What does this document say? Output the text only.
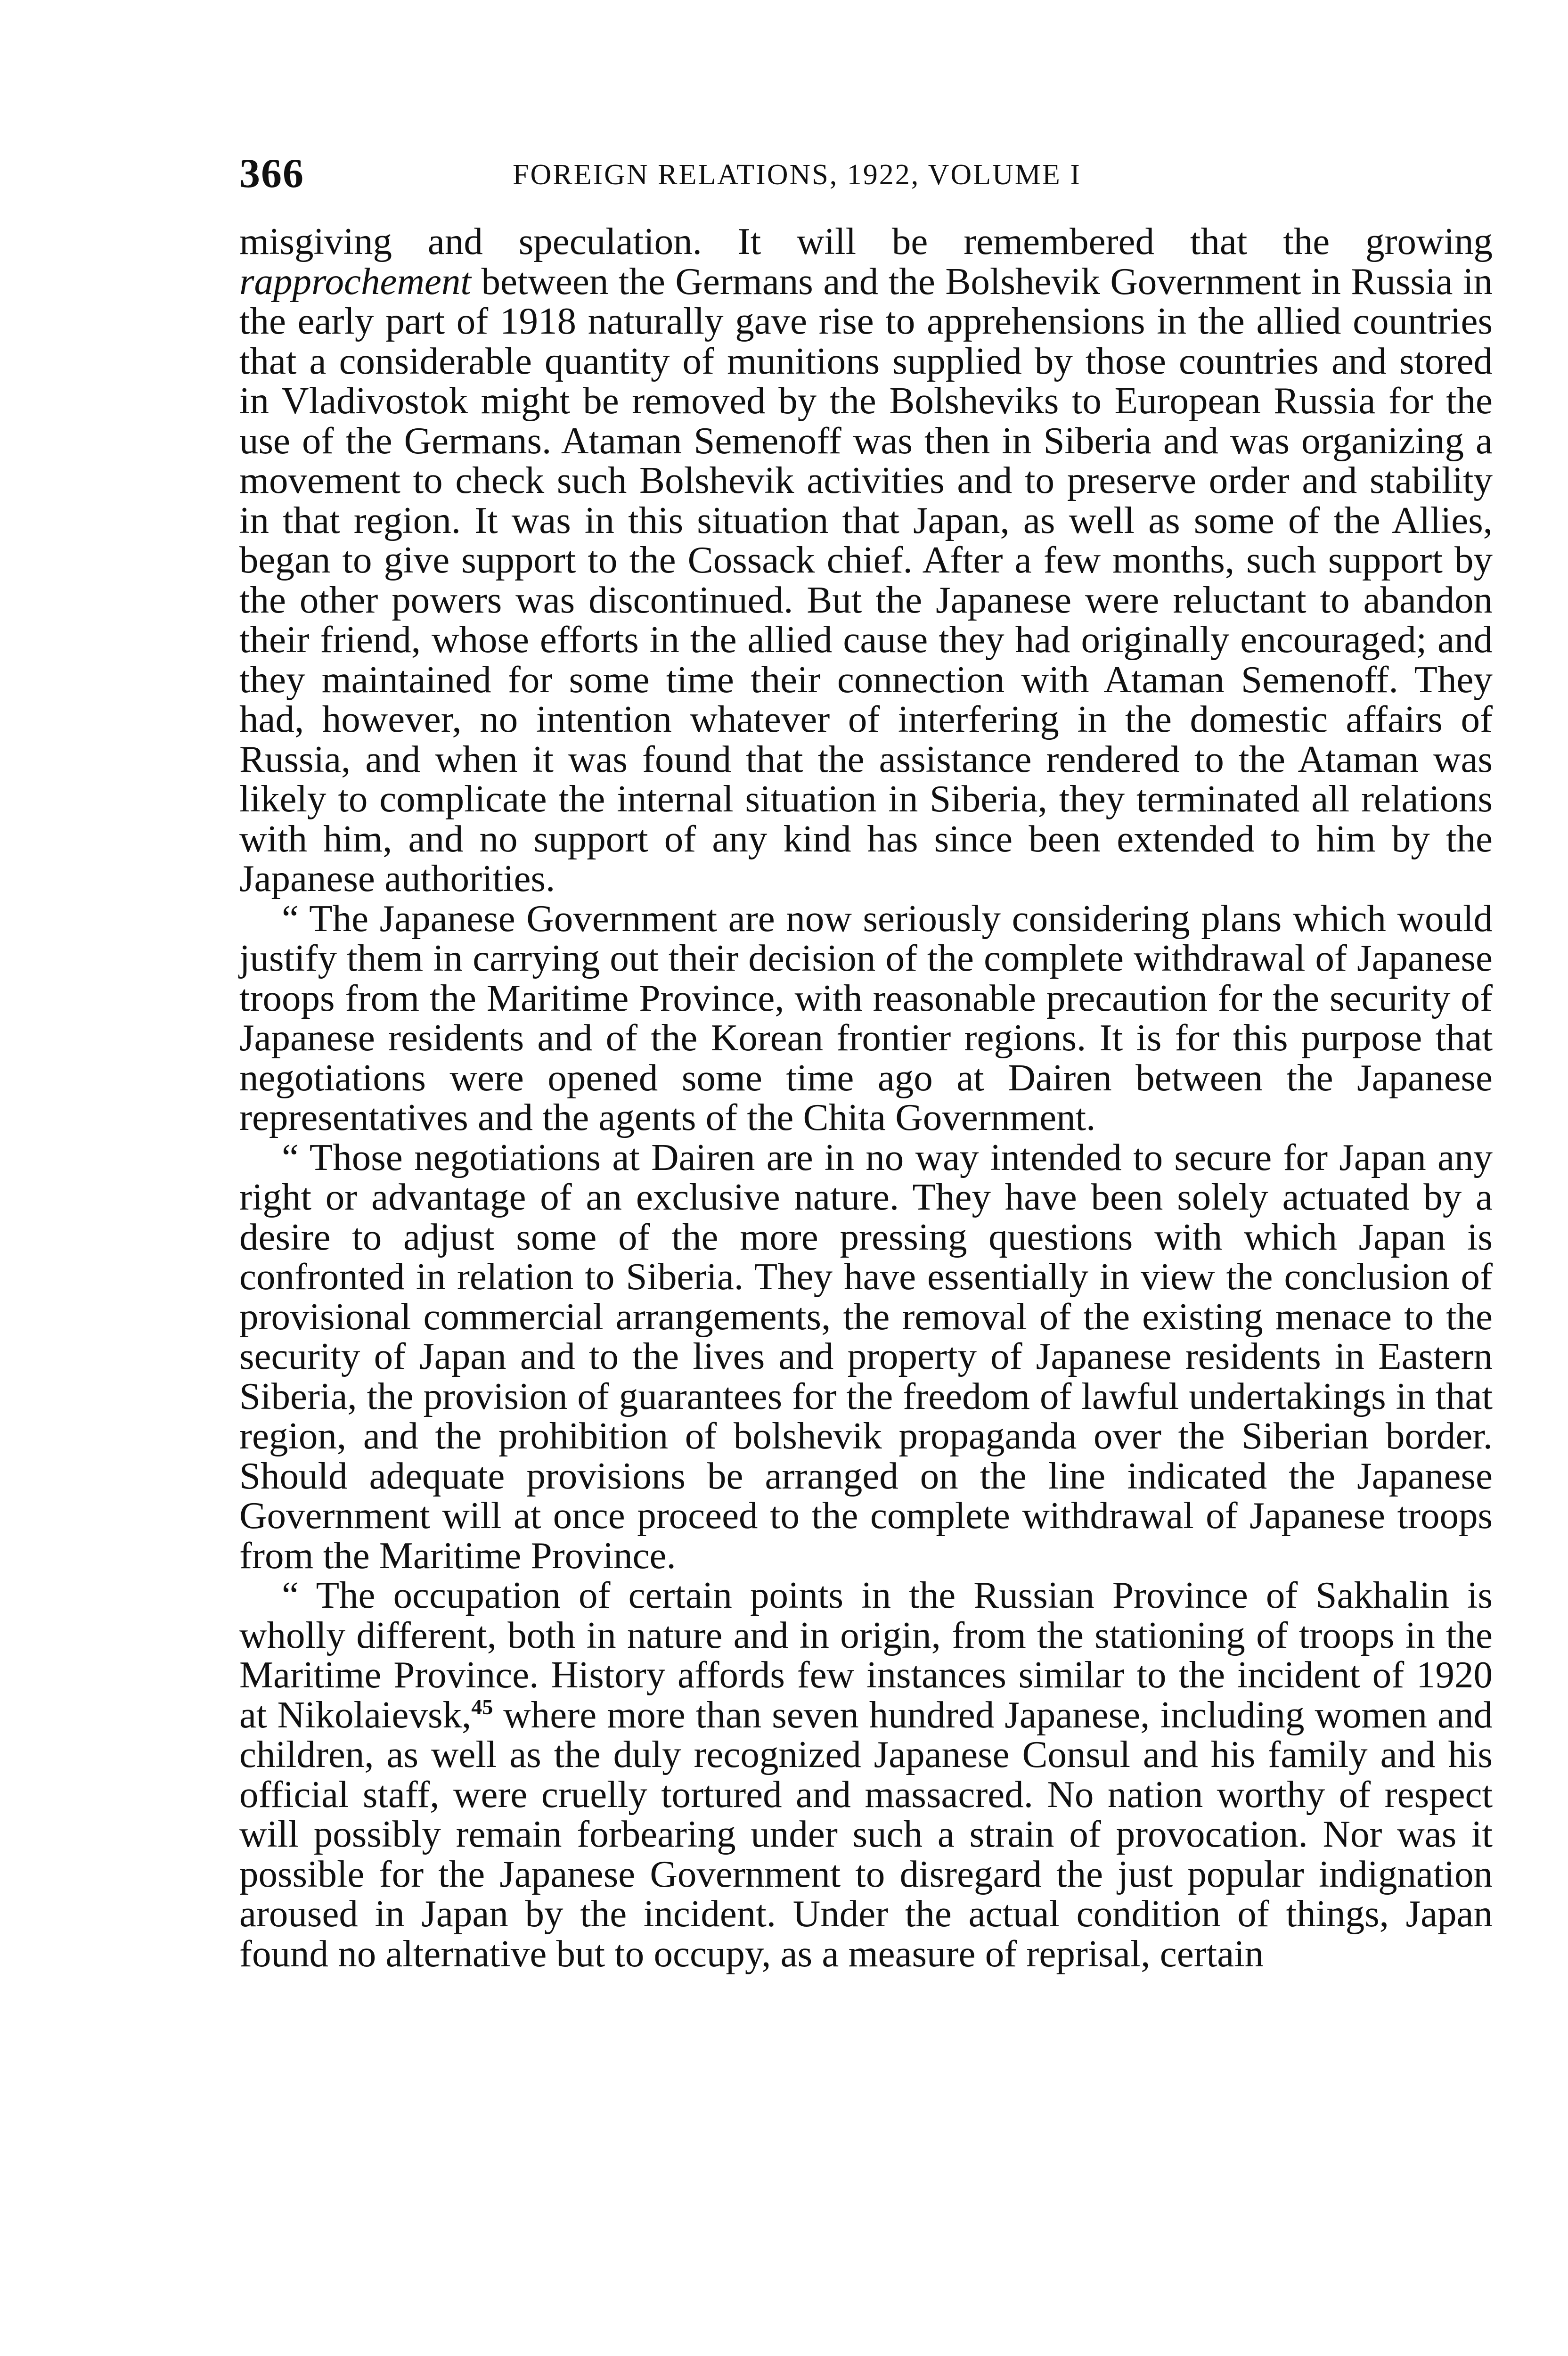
366	FOREIGN RELATIONS, 1922, VOLUME I

misgiving and speculation. It will be remembered that the growing rapprochement between the Germans and the Bolshevik Government in Russia in the early part of 1918 naturally gave rise to apprehensions in the allied countries that a considerable quantity of munitions supplied by those countries and stored in Vladivostok might be removed by the Bolsheviks to European Russia for the use of the Germans. Ataman Semenoff was then in Siberia and was organizing a movement to check such Bolshevik activities and to preserve order and stability in that region. It was in this situation that Japan, as well as some of the Allies, began to give support to the Cossack chief. After a few months, such support by the other powers was discontinued. But the Japanese were reluctant to abandon their friend, whose efforts in the allied cause they had originally encouraged; and they maintained for some time their connection with Ataman Semenoff. They had, however, no intention whatever of interfering in the domestic affairs of Russia, and when it was found that the assistance rendered to the Ataman was likely to complicate the internal situation in Siberia, they terminated all relations with him, and no support of any kind has since been extended to him by the Japanese authorities.

“ The Japanese Government are now seriously considering plans which would justify them in carrying out their decision of the complete withdrawal of Japanese troops from the Maritime Province, with reasonable precaution for the security of Japanese residents and of the Korean frontier regions. It is for this purpose that negotiations were opened some time ago at Dairen between the Japanese representatives and the agents of the Chita Government.

“ Those negotiations at Dairen are in no way intended to secure for Japan any right or advantage of an exclusive nature. They have been solely actuated by a desire to adjust some of the more pressing questions with which Japan is confronted in relation to Siberia. They have essentially in view the conclusion of provisional commercial arrangements, the removal of the existing menace to the security of Japan and to the lives and property of Japanese residents in Eastern Siberia, the provision of guarantees for the freedom of lawful undertakings in that region, and the prohibition of bolshevik propaganda over the Siberian border. Should adequate provisions be arranged on the line indicated the Japanese Government will at once proceed to the complete withdrawal of Japanese troops from the Maritime Province.

“ The occupation of certain points in the Russian Province of Sakhalin is wholly different, both in nature and in origin, from the stationing of troops in the Maritime Province. History affords few instances similar to the incident of 1920 at Nikolaievsk,$^{45}$ where more than seven hundred Japanese, including women and children, as well as the duly recognized Japanese Consul and his family and his official staff, were cruelly tortured and massacred. No nation worthy of respect will possibly remain forbearing under such a strain of provocation. Nor was it possible for the Japanese Government to disregard the just popular indignation aroused in Japan by the incident. Under the actual condition of things, Japan found no alternative but to occupy, as a measure of reprisal, certain
